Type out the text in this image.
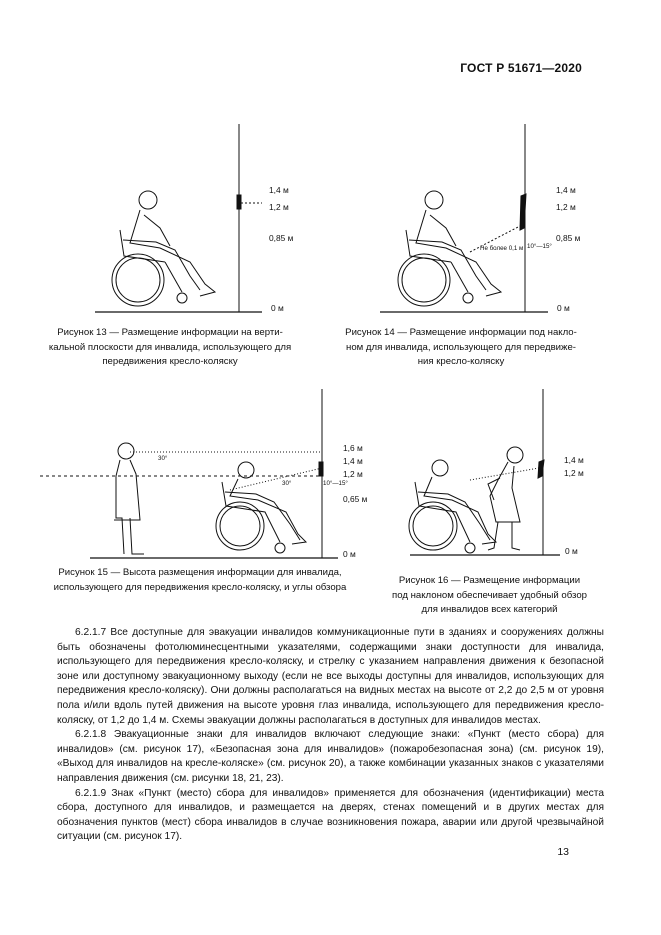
ГОСТ Р 51671—2020
1,4 м
1,2 м
0,85 м
0 м
Рисунок 13 — Размещение информации на верти-
кальной плоскости для инвалида, использующего для
передвижения кресло-коляску
1,4 м
1,2 м
0,85 м
0 м
Не более 0,1 м 10°—15°
Рисунок 14 — Размещение информации под накло-
ном для инвалида, использующего для передвиже-
ния кресло-коляску
30°
30°	10°—15°
1,6 м
1,4 м
1,2 м
0,65 м
0 м
Рисунок 15 — Высота размещения информации для инвалида,
использующего для передвижения кресло-коляску, и углы обзора
1,4 м
1,2 м
0 м
Рисунок 16 — Размещение информации
под наклоном обеспечивает удобный обзор
для инвалидов всех категорий

6.2.1.7 Все доступные для эвакуации инвалидов коммуникационные пути в зданиях и сооружениях должны быть обозначены фотолюминесцентными указателями, содержащими знаки доступности для инвалида, использующего для передвижения кресло-коляску, и стрелку с указанием направления движения к безопасной зоне или доступному эвакуационному выходу (если не все выходы доступны для инвалидов, использующих для передвижения кресло-коляску). Они должны располагаться на видных местах на высоте от 2,2 до 2,5 м от уровня пола и/или вдоль путей движения на высоте уровня глаз инвалида, использующего для передвижения кресло-коляску, от 1,2 до 1,4 м. Схемы эвакуации должны располагаться в доступных для инвалидов местах.

6.2.1.8 Эвакуационные знаки для инвалидов включают следующие знаки: «Пункт (место сбора) для инвалидов» (см. рисунок 17), «Безопасная зона для инвалидов» (пожаробезопасная зона) (см. рисунок 19), «Выход для инвалидов на кресле-коляске» (см. рисунок 20), а также комбинации указанных знаков с указателями направления движения (см. рисунки 18, 21, 23).

6.2.1.9 Знак «Пункт (место) сбора для инвалидов» применяется для обозначения (идентификации) места сбора, доступного для инвалидов, и размещается на дверях, стенах помещений и в других местах для обозначения пунктов (мест) сбора инвалидов в случае возникновения пожара, аварии или другой чрезвычайной ситуации (см. рисунок 17).

13
